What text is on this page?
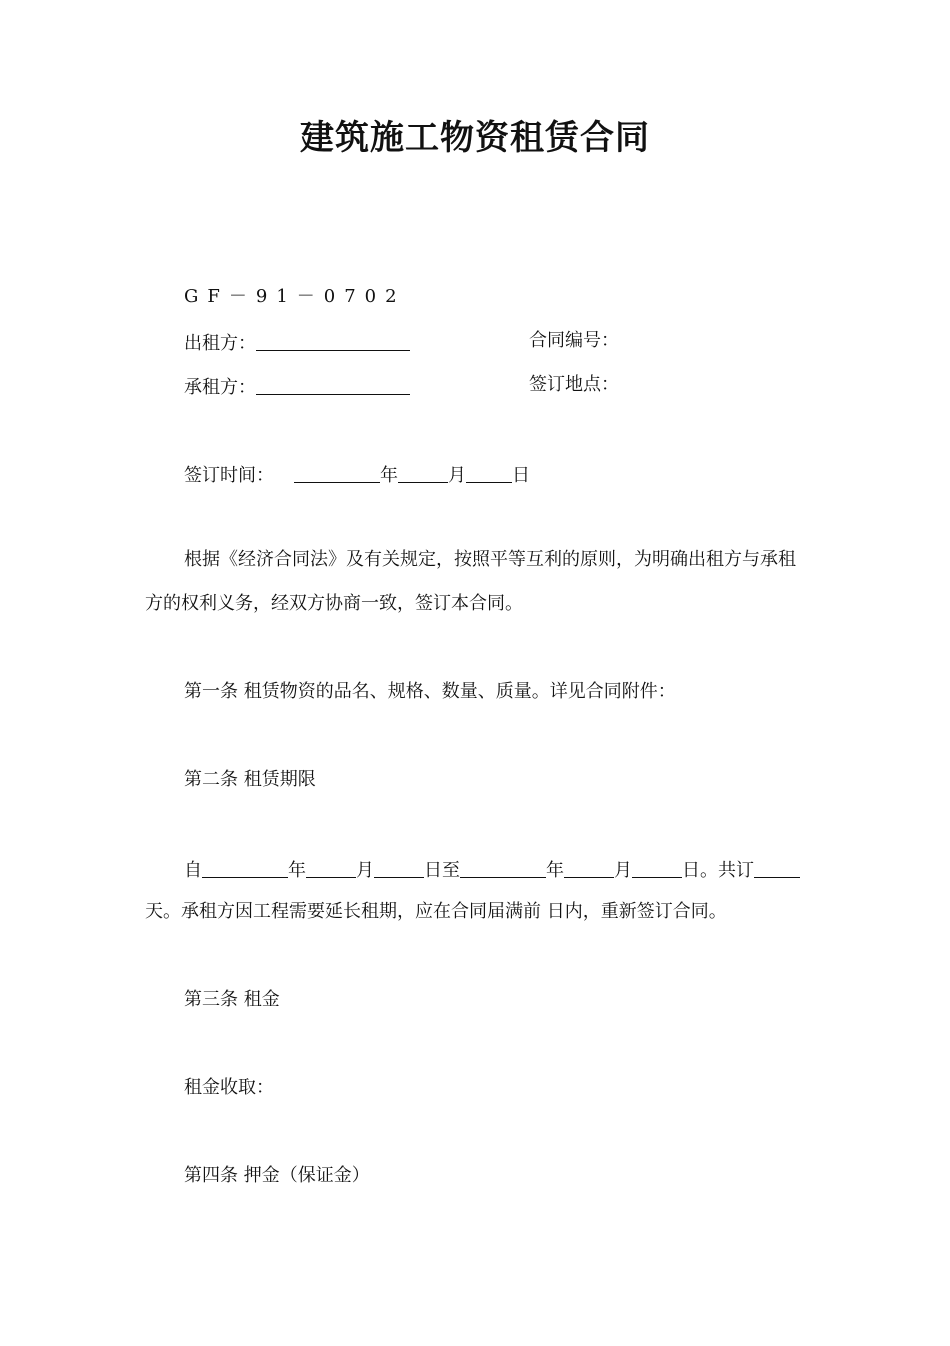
建筑施工物资租赁合同
GF－91－0702
出租方：	合同编号：
承租方：	签订地点：
签订时间：	年	月	日
根据《经济合同法》及有关规定，按照平等互利的原则，为明确出租方与承租
方的权利义务，经双方协商一致，签订本合同。
第一条 租赁物资的品名、规格、数量、质量。详见合同附件：
第二条 租赁期限
自	年	月	日至	年	月	日。共订
天。承租方因工程需要延长租期，应在合同届满前 日内，重新签订合同。
第三条 租金
租金收取：
第四条 押金（保证金）
